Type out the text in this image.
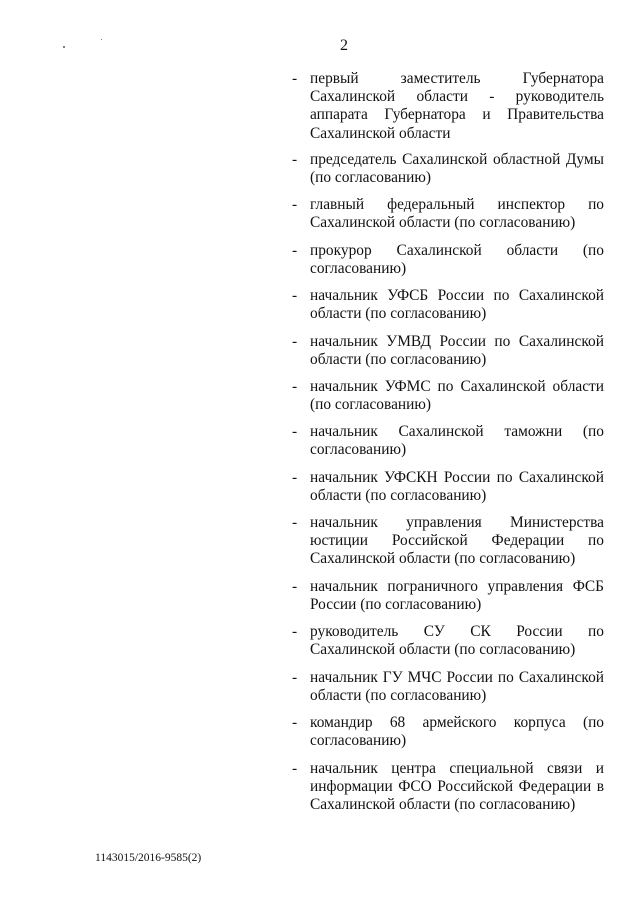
2
- первый заместитель Губернатора Сахалинской области - руководитель аппарата Губернатора и Правительства Сахалинской области
- председатель Сахалинской областной Думы (по согласованию)
- главный федеральный инспектор по Сахалинской области (по согласованию)
- прокурор Сахалинской области (по согласованию)
- начальник УФСБ России по Сахалинской области (по согласованию)
- начальник УМВД России по Сахалинской области (по согласованию)
- начальник УФМС по Сахалинской области (по согласованию)
- начальник Сахалинской таможни (по согласованию)
- начальник УФСКН России по Сахалинской области (по согласованию)
- начальник управления Министерства юстиции Российской Федерации по Сахалинской области (по согласованию)
- начальник пограничного управления ФСБ России (по согласованию)
- руководитель СУ СК России по Сахалинской области (по согласованию)
- начальник ГУ МЧС России по Сахалинской области (по согласованию)
- командир 68 армейского корпуса (по согласованию)
- начальник центра специальной связи и информации ФСО Российской Федерации в Сахалинской области (по согласованию)
1143015/2016-9585(2)
